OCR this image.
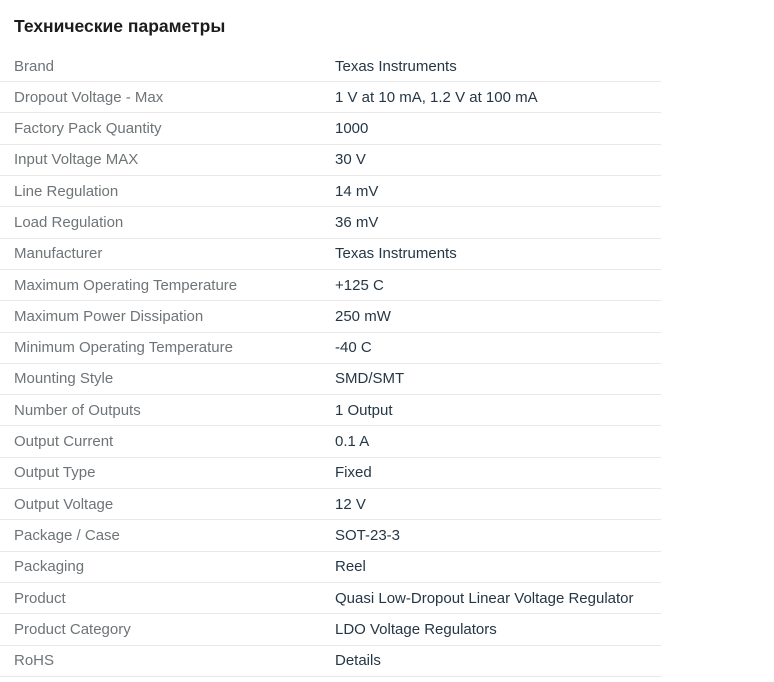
Технические параметры
Brand	Texas Instruments
Dropout Voltage - Max	1 V at 10 mA, 1.2 V at 100 mA
Factory Pack Quantity	1000
Input Voltage MAX	30 V
Line Regulation	14 mV
Load Regulation	36 mV
Manufacturer	Texas Instruments
Maximum Operating Temperature	+125 C
Maximum Power Dissipation	250 mW
Minimum Operating Temperature	-40 C
Mounting Style	SMD/SMT
Number of Outputs	1 Output
Output Current	0.1 A
Output Type	Fixed
Output Voltage	12 V
Package / Case	SOT-23-3
Packaging	Reel
Product	Quasi Low-Dropout Linear Voltage Regulator
Product Category	LDO Voltage Regulators
RoHS	Details
